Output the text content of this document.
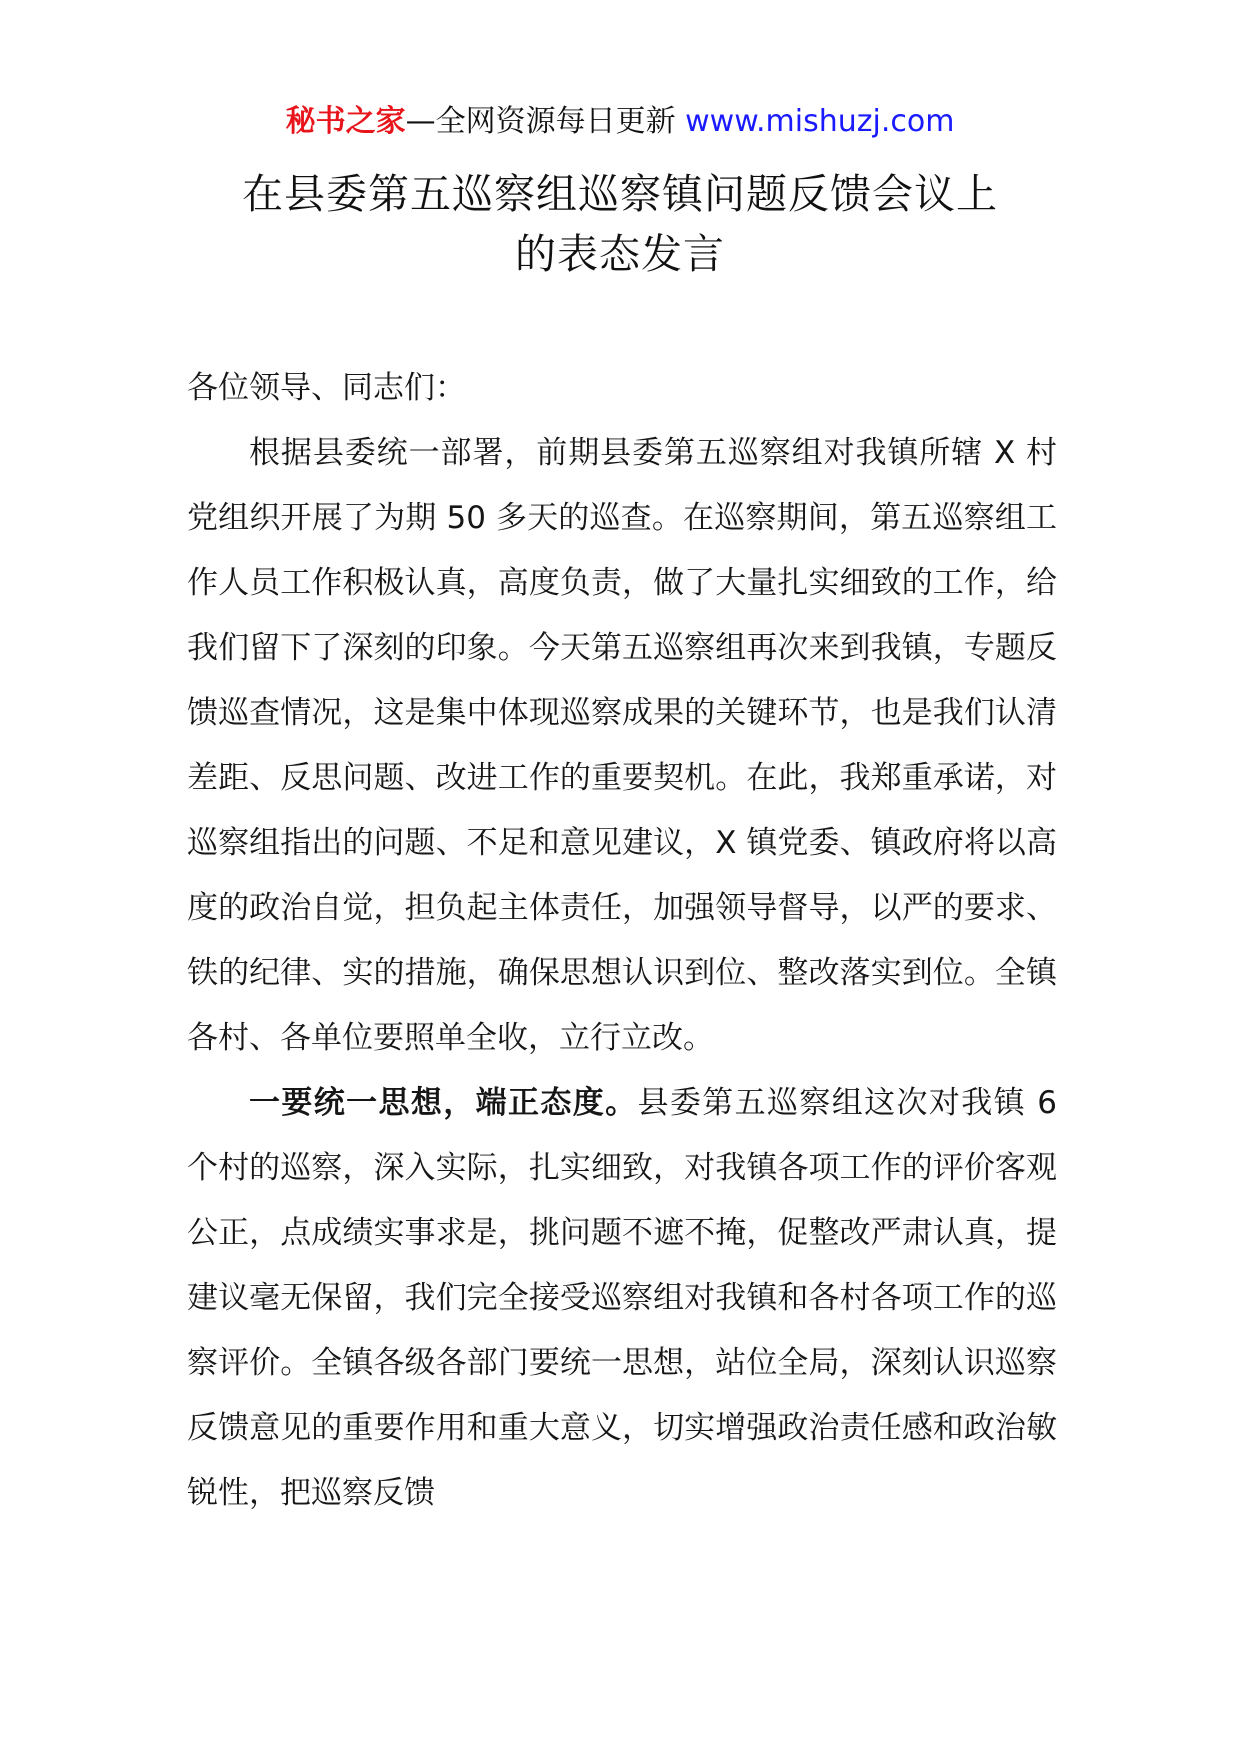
秘书之家—全网资源每日更新 www.mishuzj.com
在县委第五巡察组巡察镇问题反馈会议上
的表态发言

各位领导、同志们：

根据县委统一部署，前期县委第五巡察组对我镇所辖 X 村党组织开展了为期 50 多天的巡查。在巡察期间，第五巡察组工作人员工作积极认真，高度负责，做了大量扎实细致的工作，给我们留下了深刻的印象。今天第五巡察组再次来到我镇，专题反馈巡查情况，这是集中体现巡察成果的关键环节，也是我们认清差距、反思问题、改进工作的重要契机。在此，我郑重承诺，对巡察组指出的问题、不足和意见建议，X 镇党委、镇政府将以高度的政治自觉，担负起主体责任，加强领导督导，以严的要求、铁的纪律、实的措施，确保思想认识到位、整改落实到位。全镇各村、各单位要照单全收，立行立改。

一要统一思想，端正态度。县委第五巡察组这次对我镇 6 个村的巡察，深入实际，扎实细致，对我镇各项工作的评价客观公正，点成绩实事求是，挑问题不遮不掩，促整改严肃认真，提建议毫无保留，我们完全接受巡察组对我镇和各村各项工作的巡察评价。全镇各级各部门要统一思想，站位全局，深刻认识巡察反馈意见的重要作用和重大意义，切实增强政治责任感和政治敏锐性，把巡察反馈
